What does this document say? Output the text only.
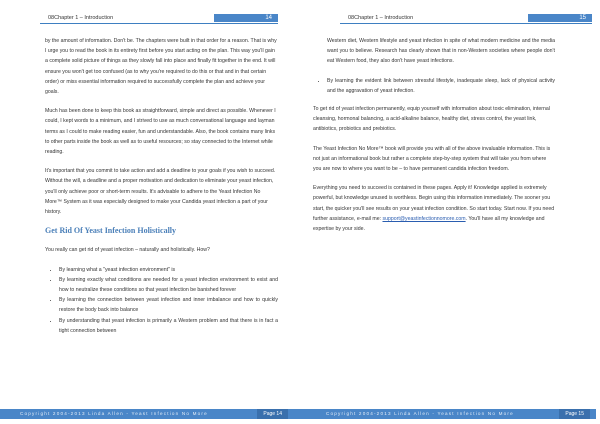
08Chapter 1 – Introduction	14

by the amount of information. Don't be. The chapters were built in that order for a reason. That is why I urge you to read the book in its entirety first before you start acting on the plan. This way you'll gain a complete solid picture of things as they slowly fall into place and finally fit together in the end. It will ensure you won't get too confused (as to why you're required to do this or that and in that certain order) or miss essential information required to successfully complete the plan and achieve your goals.

Much has been done to keep this book as straightforward, simple and direct as possible. Whenever I could, I kept words to a minimum, and I strived to use as much conversational language and layman terms as I could to make reading easier, fun and understandable. Also, the book contains many links to other parts inside the book as well as to useful resources; so stay connected to the Internet while reading.

It's important that you commit to take action and add a deadline to your goals if you wish to succeed. Without the will, a deadline and a proper motivation and dedication to eliminate your yeast infection, you'll only achieve poor or short-term results. It's advisable to adhere to the Yeast Infection No More™ System as it was especially designed to make your Candida yeast infection a part of your history.

Get Rid Of Yeast Infection Holistically

You really can get rid of yeast infection – naturally and holistically. How?

• By learning what a "yeast infection environment" is
• By learning exactly what conditions are needed for a yeast infection environment to exist and how to neutralize these conditions so that yeast infection be banished forever
• By learning the connection between yeast infection and inner imbalance and how to quickly restore the body back into balance
• By understanding that yeast infection is primarily a Western problem and that there is in fact a tight connection between
Copyright 2004-2013 Linda Allen - Yeast Infection No More	Page 14
08Chapter 1 – Introduction	15

Western diet, Western lifestyle and yeast infection in spite of what modern medicine and the media want you to believe. Research has clearly shown that in non-Western societies where people don't eat Western food, they also don't have yeast infections.

• By learning the evident link between stressful lifestyle, inadequate sleep, lack of physical activity and the aggravation of yeast infection.

To get rid of yeast infection permanently, equip yourself with information about toxic elimination, internal cleansing, hormonal balancing, a acid-alkaline balance, healthy diet, stress control, the yeast link, antibiotics, probiotics and prebiotics.

The Yeast Infection No More™ book will provide you with all of the above invaluable information. This is not just an informational book but rather a complete step-by-step system that will take you from where you are now to where you want to be – to have permanent candida infection freedom.

Everything you need to succeed is contained in these pages. Apply it! Knowledge applied is extremely powerful, but knowledge unused is worthless. Begin using this information immediately. The sooner you start, the quicker you'll see results on your yeast infection condition. So start today. Start now. If you need further assistance, e-mail me: support@yeastinfectionnomore.com. You'll have all my knowledge and expertise by your side.

Copyright 2004-2013 Linda Allen - Yeast Infection No More	Page 15
